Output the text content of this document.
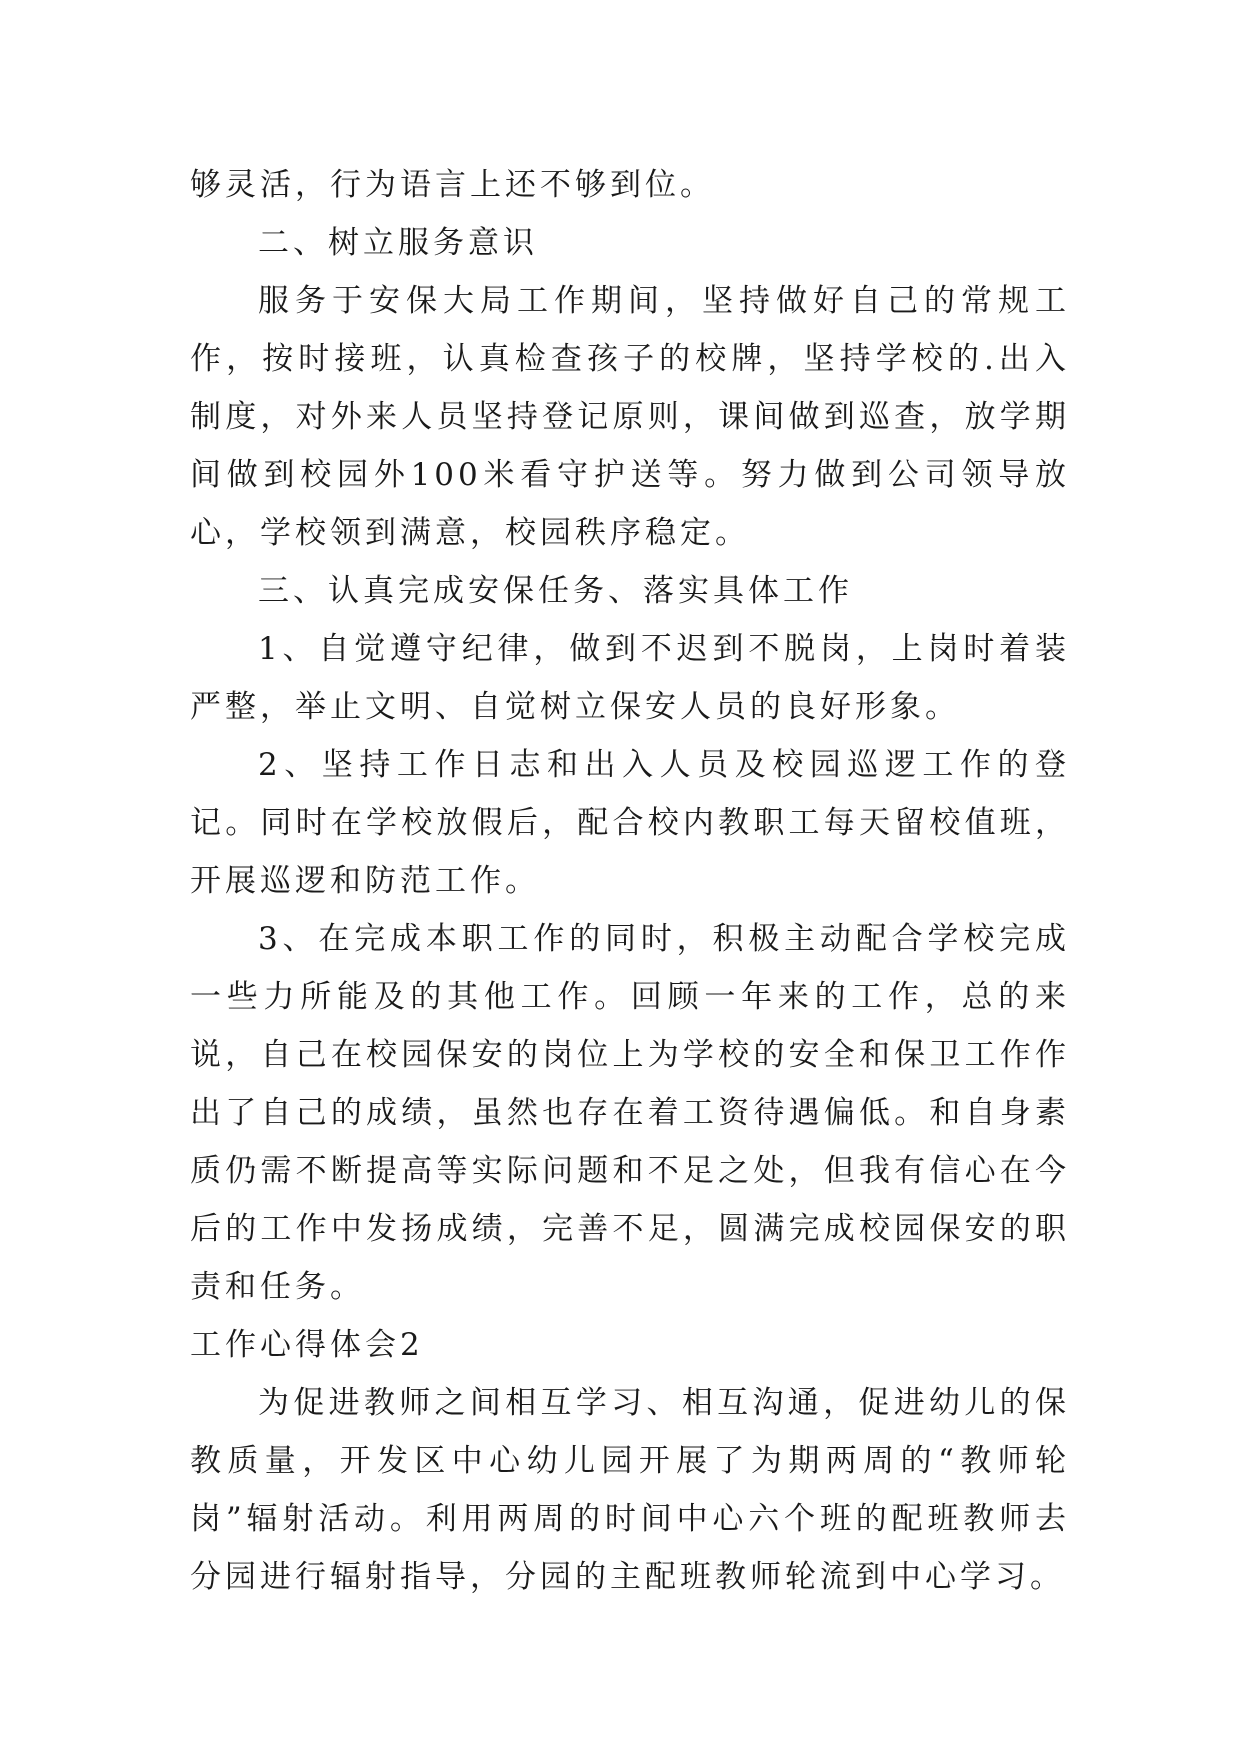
够灵活，行为语言上还不够到位。

二、树立服务意识

服务于安保大局工作期间，坚持做好自己的常规工作，按时接班，认真检查孩子的校牌，坚持学校的.出入制度，对外来人员坚持登记原则，课间做到巡查，放学期间做到校园外100米看守护送等。努力做到公司领导放心，学校领到满意，校园秩序稳定。

三、认真完成安保任务、落实具体工作

1、自觉遵守纪律，做到不迟到不脱岗，上岗时着装严整，举止文明、自觉树立保安人员的良好形象。

2、坚持工作日志和出入人员及校园巡逻工作的登记。同时在学校放假后，配合校内教职工每天留校值班，开展巡逻和防范工作。

3、在完成本职工作的同时，积极主动配合学校完成一些力所能及的其他工作。回顾一年来的工作，总的来说，自己在校园保安的岗位上为学校的安全和保卫工作作出了自己的成绩，虽然也存在着工资待遇偏低。和自身素质仍需不断提高等实际问题和不足之处，但我有信心在今后的工作中发扬成绩，完善不足，圆满完成校园保安的职责和任务。

工作心得体会2

为促进教师之间相互学习、相互沟通，促进幼儿的保教质量，开发区中心幼儿园开展了为期两周的“教师轮岗”辐射活动。利用两周的时间中心六个班的配班教师去分园进行辐射指导，分园的主配班教师轮流到中心学习。
